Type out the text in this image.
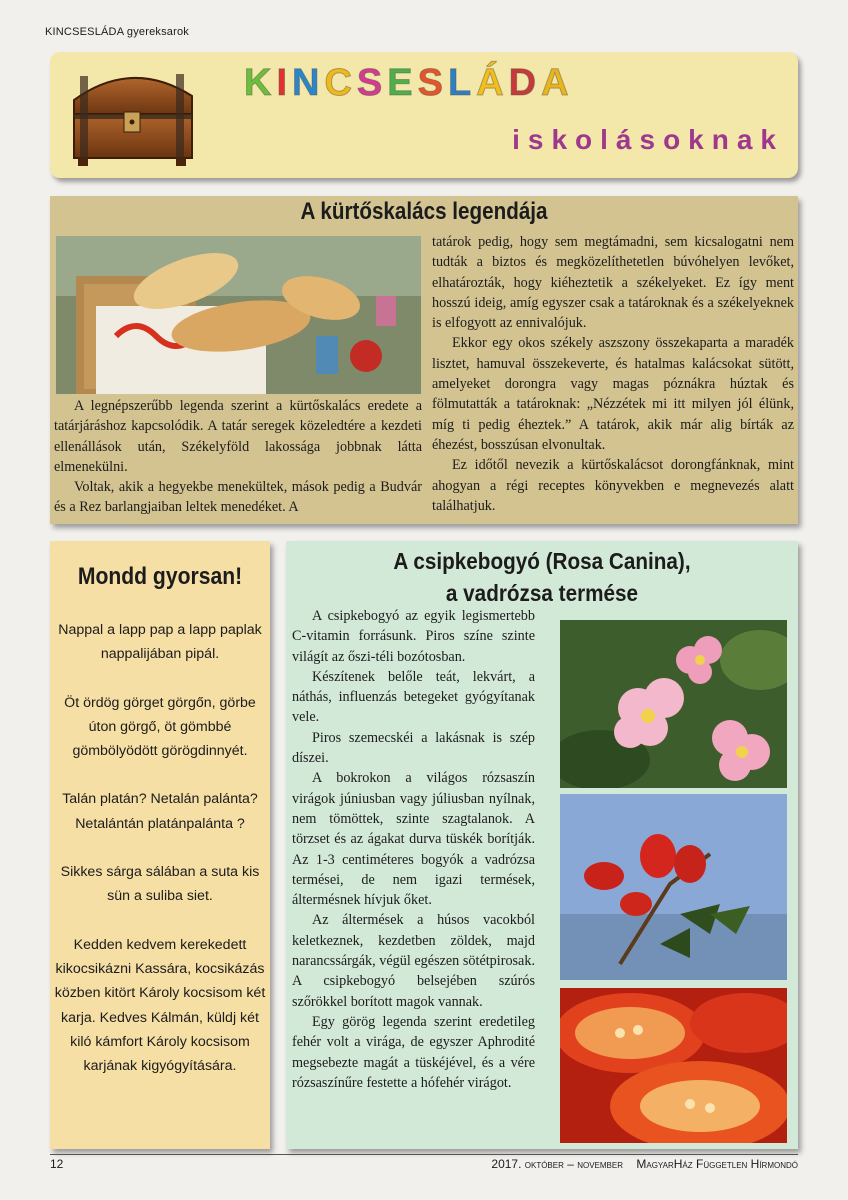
KINCSESLÁDA gyereksarok
KINCSESLÁDA
iskolásoknak
A kürtőskalács legendája

A legnépszerűbb legenda szerint a kürtőskalács eredete a tatárjáráshoz kapcsolódik. A tatár seregek közeledtére a kezdeti ellenállások után, Székelyföld lakossága jobbnak látta elmenekülni.

Voltak, akik a hegyekbe menekültek, mások pedig a Budvár és a Rez barlangjaiban leltek menedéket. A

tatárok pedig, hogy sem megtámadni, sem kicsalogatni nem tudták a biztos és megközelíthetetlen búvóhelyen levőket, elhatározták, hogy kiéheztetik a székelyeket. Ez így ment hosszú ideig, amíg egyszer csak a tatároknak és a székelyeknek is elfogyott az ennivalójuk.

Ekkor egy okos székely aszszony összekaparta a maradék lisztet, hamuval összekeverte, és hatalmas kalácsokat sütött, amelyeket dorongra vagy magas póznákra húztak és fölmutatták a tatároknak: „Nézzétek mi itt milyen jól élünk, míg ti pedig éheztek.” A tatárok, akik már alig bírták az éhezést, bosszúsan elvonultak.

Ez időtől nevezik a kürtőskalácsot dorongfánknak, mint ahogyan a régi receptes könyvekben e megnevezés alatt találhatjuk.

Mondd gyorsan!

Nappal a lapp pap a lapp paplak nappalijában pipál.

Öt ördög görget görgőn, görbe úton görgő, öt gömbbé gömbölyödött görögdinnyét.

Talán platán? Netalán palánta? Netalántán platánpalánta ?

Sikkes sárga sálában a suta kis sün a suliba siet.

Kedden kedvem kerekedett kikocsikázni Kassára, kocsikázás közben kitört Károly kocsisom két karja. Kedves Kálmán, küldj két kiló kámfort Károly kocsisom karjának kigyógyítására.

A csipkebogyó (Rosa Canina),
a vadrózsa termése

A csipkebogyó az egyik legismertebb C-vitamin forrásunk. Piros színe szinte világít az őszi-téli bozótosban.

Készítenek belőle teát, lekvárt, a náthás, influenzás betegeket gyógyítanak vele.

Piros szemecskéi a lakásnak is szép díszei.

A bokrokon a világos rózsaszín virágok júniusban vagy júliusban nyílnak, nem tömöttek, szinte szagtalanok. A törzset és az ágakat durva tüskék borítják. Az 1-3 centiméteres bogyók a vadrózsa termései, de nem igazi termések, áltermésnek hívjuk őket.

Az áltermések a húsos vacokból keletkeznek, kezdetben zöldek, majd narancssárgák, végül egészen sötétpirosak. A csipkebogyó belsejében szúrós szőrökkel borított magok vannak.

Egy görög legenda szerint eredetileg fehér volt a virága, de egyszer Aphrodité megsebezte magát a tüskéjével, és a vére rózsaszínűre festette a hófehér virágot.

12	2017. október – november MagyarHáz Független Hírmondó
